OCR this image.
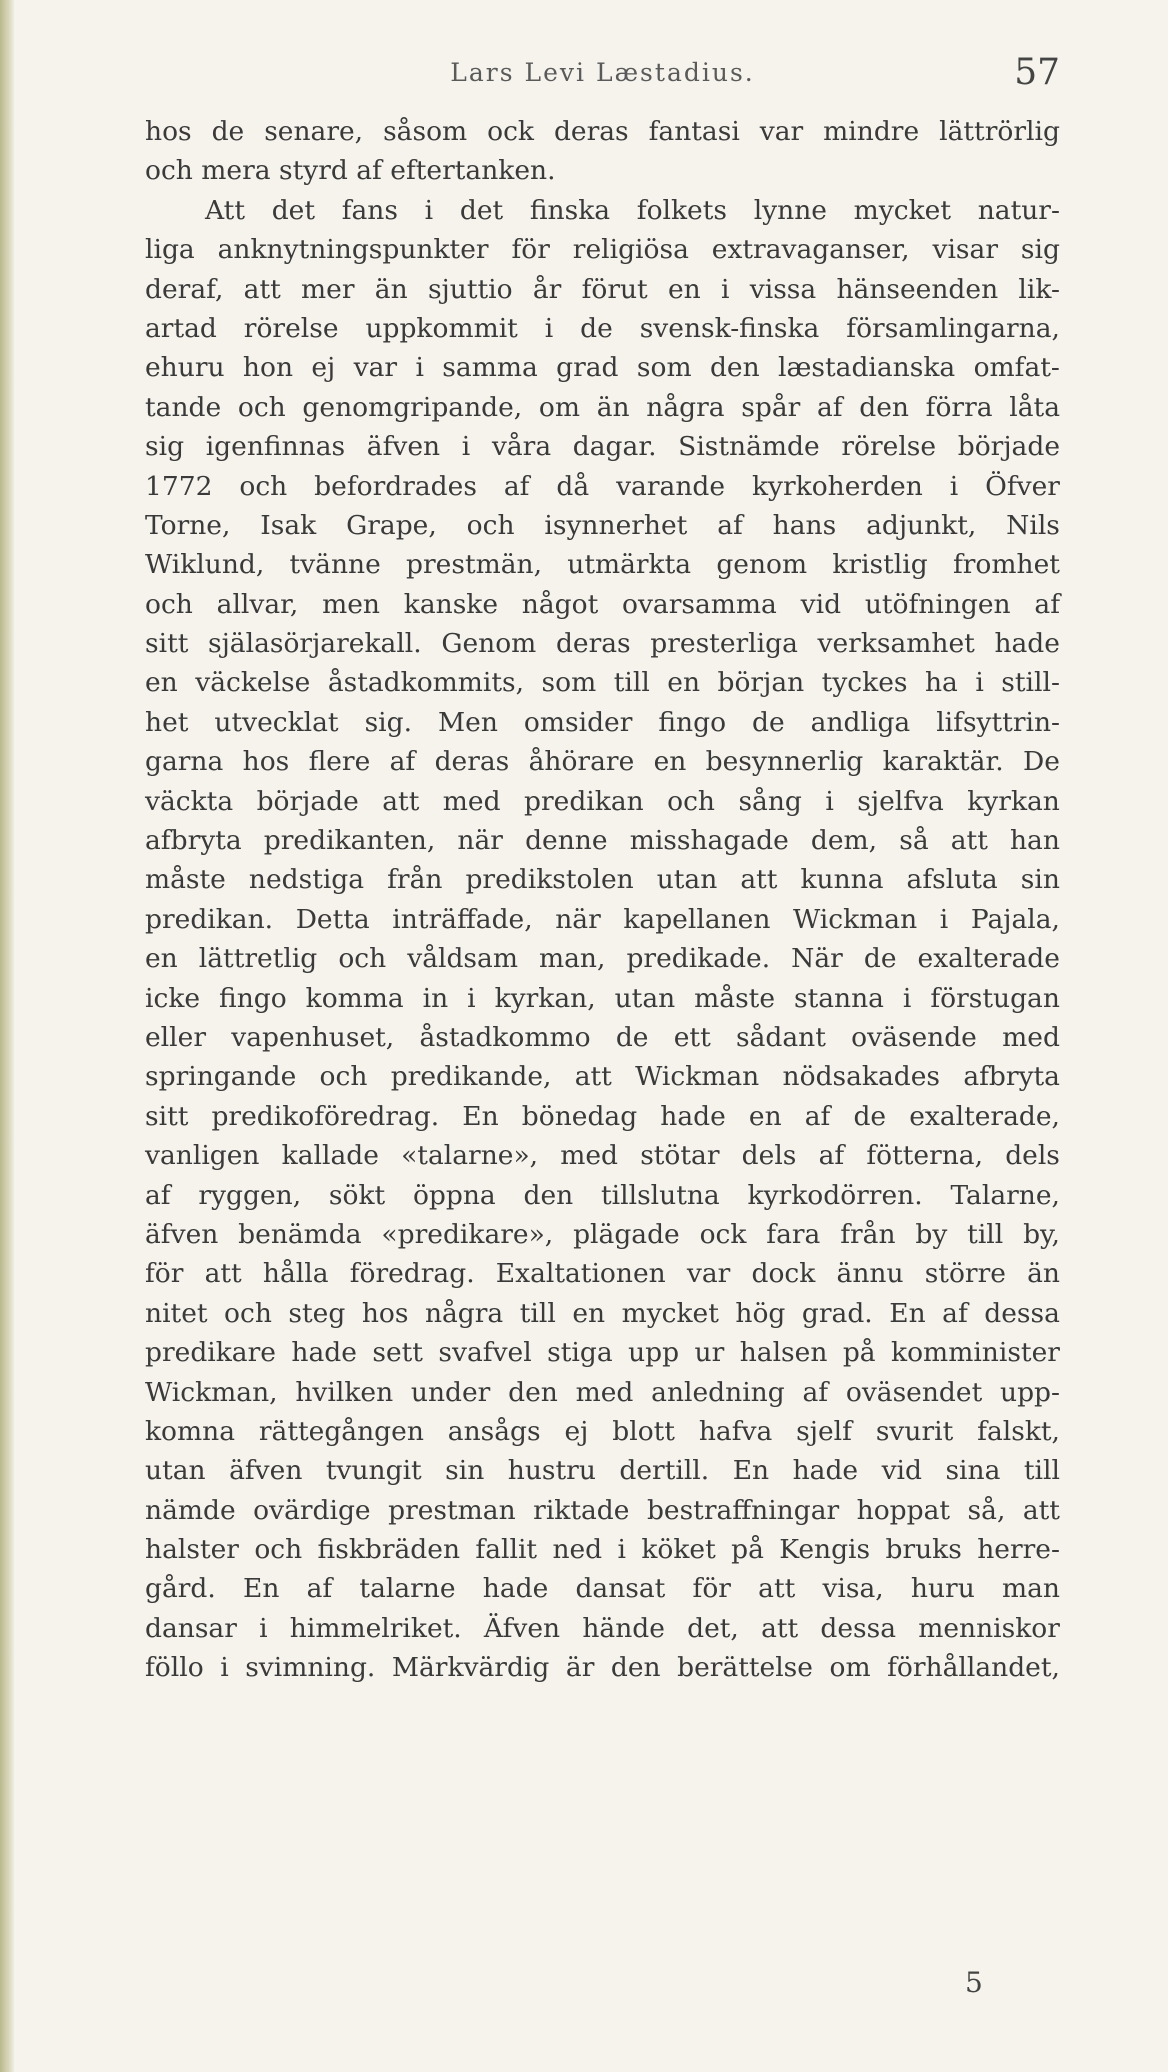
Lars Levi Læstadius.	57
hos de senare, såsom ock deras fantasi var mindre lättrörlig
och mera styrd af eftertanken.
Att det fans i det finska folkets lynne mycket natur-
liga anknytningspunkter för religiösa extravaganser, visar sig
deraf, att mer än sjuttio år förut en i vissa hänseenden lik-
artad rörelse uppkommit i de svensk-finska församlingarna,
ehuru hon ej var i samma grad som den læstadianska omfat-
tande och genomgripande, om än några spår af den förra låta
sig igenfinnas äfven i våra dagar. Sistnämde rörelse började
1772 och befordrades af då varande kyrkoherden i Öfver
Torne, Isak Grape, och isynnerhet af hans adjunkt, Nils
Wiklund, tvänne prestmän, utmärkta genom kristlig fromhet
och allvar, men kanske något ovarsamma vid utöfningen af
sitt själasörjarekall. Genom deras presterliga verksamhet hade
en väckelse åstadkommits, som till en början tyckes ha i still-
het utvecklat sig. Men omsider fingo de andliga lifsyttrin-
garna hos flere af deras åhörare en besynnerlig karaktär. De
väckta började att med predikan och sång i sjelfva kyrkan
afbryta predikanten, när denne misshagade dem, så att han
måste nedstiga från predikstolen utan att kunna afsluta sin
predikan. Detta inträffade, när kapellanen Wickman i Pajala,
en lättretlig och våldsam man, predikade. När de exalterade
icke fingo komma in i kyrkan, utan måste stanna i förstugan
eller vapenhuset, åstadkommo de ett sådant oväsende med
springande och predikande, att Wickman nödsakades afbryta
sitt predikoföredrag. En bönedag hade en af de exalterade,
vanligen kallade «talarne», med stötar dels af fötterna, dels
af ryggen, sökt öppna den tillslutna kyrkodörren. Talarne,
äfven benämda «predikare», plägade ock fara från by till by,
för att hålla föredrag. Exaltationen var dock ännu större än
nitet och steg hos några till en mycket hög grad. En af dessa
predikare hade sett svafvel stiga upp ur halsen på komminister
Wickman, hvilken under den med anledning af oväsendet upp-
komna rättegången ansågs ej blott hafva sjelf svurit falskt,
utan äfven tvungit sin hustru dertill. En hade vid sina till
nämde ovärdige prestman riktade bestraffningar hoppat så, att
halster och fiskbräden fallit ned i köket på Kengis bruks herre-
gård. En af talarne hade dansat för att visa, huru man
dansar i himmelriket. Äfven hände det, att dessa menniskor
föllo i svimning. Märkvärdig är den berättelse om förhållandet,
5
